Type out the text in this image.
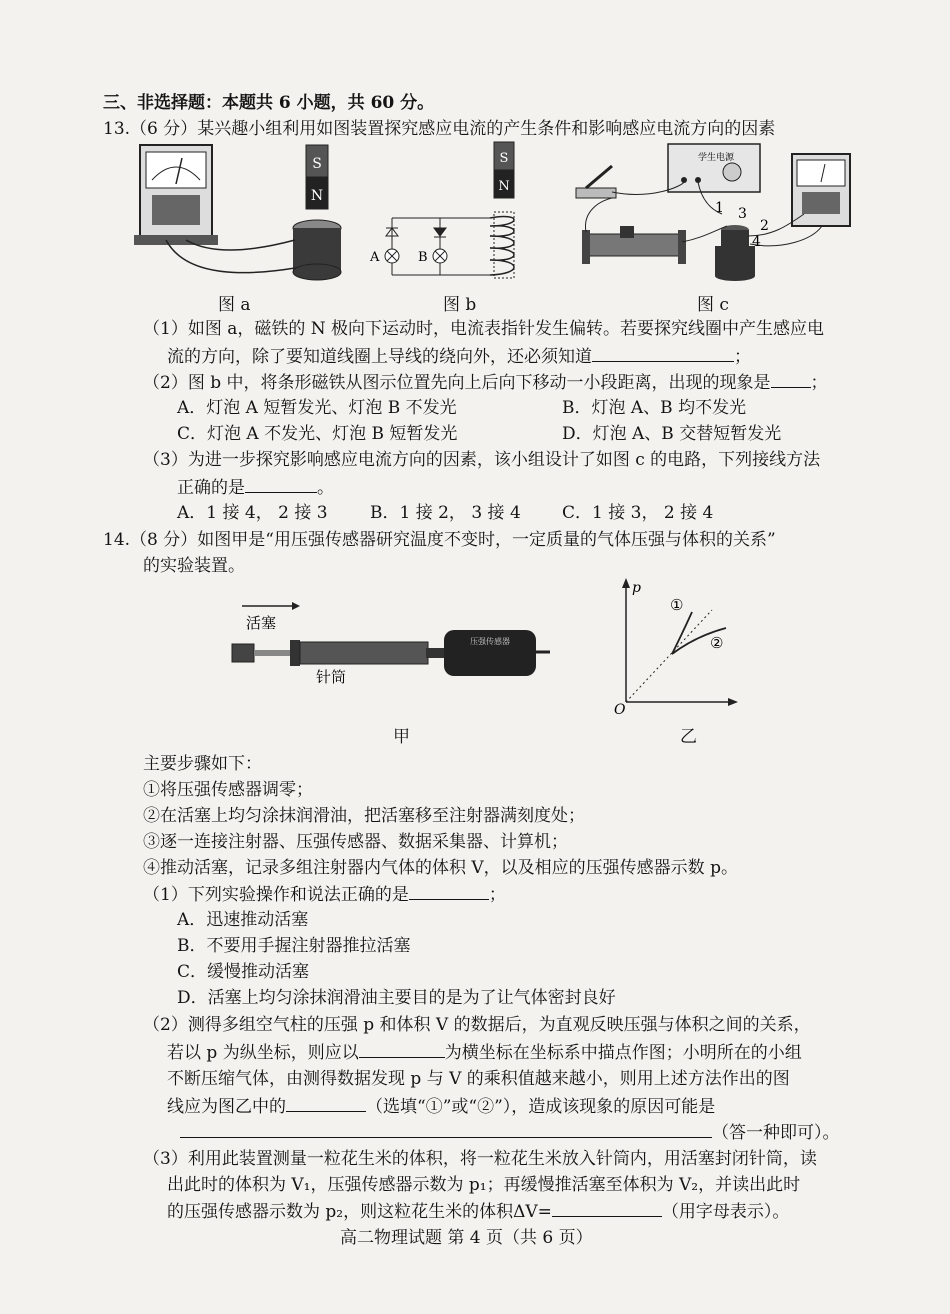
三、非选择题：本题共 6 小题，共 60 分。
13.（6 分）某兴趣小组利用如图装置探究感应电流的产生条件和影响感应电流方向的因素
S
N
图 a
S
N
A	B
图 b
学生电源
1
2
3
4
图 c
（1）如图 a，磁铁的 N 极向下运动时，电流表指针发生偏转。若要探究线圈中产生感应电
流的方向，除了要知道线圈上导线的绕向外，还必须知道	；
（2）图 b 中，将条形磁铁从图示位置先向上后向下移动一小段距离，出现的现象是 ；
A．灯泡 A 短暂发光、灯泡 B 不发光	B．灯泡 A、B 均不发光
C．灯泡 A 不发光、灯泡 B 短暂发光	D．灯泡 A、B 交替短暂发光
（3）为进一步探究影响感应电流方向的因素，该小组设计了如图 c 的电路，下列接线方法
正确的是	。
A．1 接 4， 2 接 3 B．1 接 2， 3 接 4 C．1 接 3， 2 接 4
14.（8 分）如图甲是“用压强传感器研究温度不变时，一定质量的气体压强与体积的关系”
的实验装置。
活塞
压强传感器
针筒
甲
p
O
①
②
乙
主要步骤如下：
①将压强传感器调零；
②在活塞上均匀涂抹润滑油，把活塞移至注射器满刻度处；
③逐一连接注射器、压强传感器、数据采集器、计算机；
④推动活塞，记录多组注射器内气体的体积 V，以及相应的压强传感器示数 p。
（1）下列实验操作和说法正确的是	；
A．迅速推动活塞
B．不要用手握注射器推拉活塞
C．缓慢推动活塞
D．活塞上均匀涂抹润滑油主要目的是为了让气体密封良好
（2）测得多组空气柱的压强 p 和体积 V 的数据后，为直观反映压强与体积之间的关系，
若以 p 为纵坐标，则应以	为横坐标在坐标系中描点作图；小明所在的小组
不断压缩气体，由测得数据发现 p 与 V 的乘积值越来越小，则用上述方法作出的图
线应为图乙中的	（选填“①”或“②”），造成该现象的原因可能是
（答一种即可）。
（3）利用此装置测量一粒花生米的体积，将一粒花生米放入针筒内，用活塞封闭针筒，读
出此时的体积为 V₁，压强传感器示数为 p₁；再缓慢推活塞至体积为 V₂，并读出此时
的压强传感器示数为 p₂，则这粒花生米的体积ΔV=	（用字母表示）。
高二物理试题 第 4 页（共 6 页）
